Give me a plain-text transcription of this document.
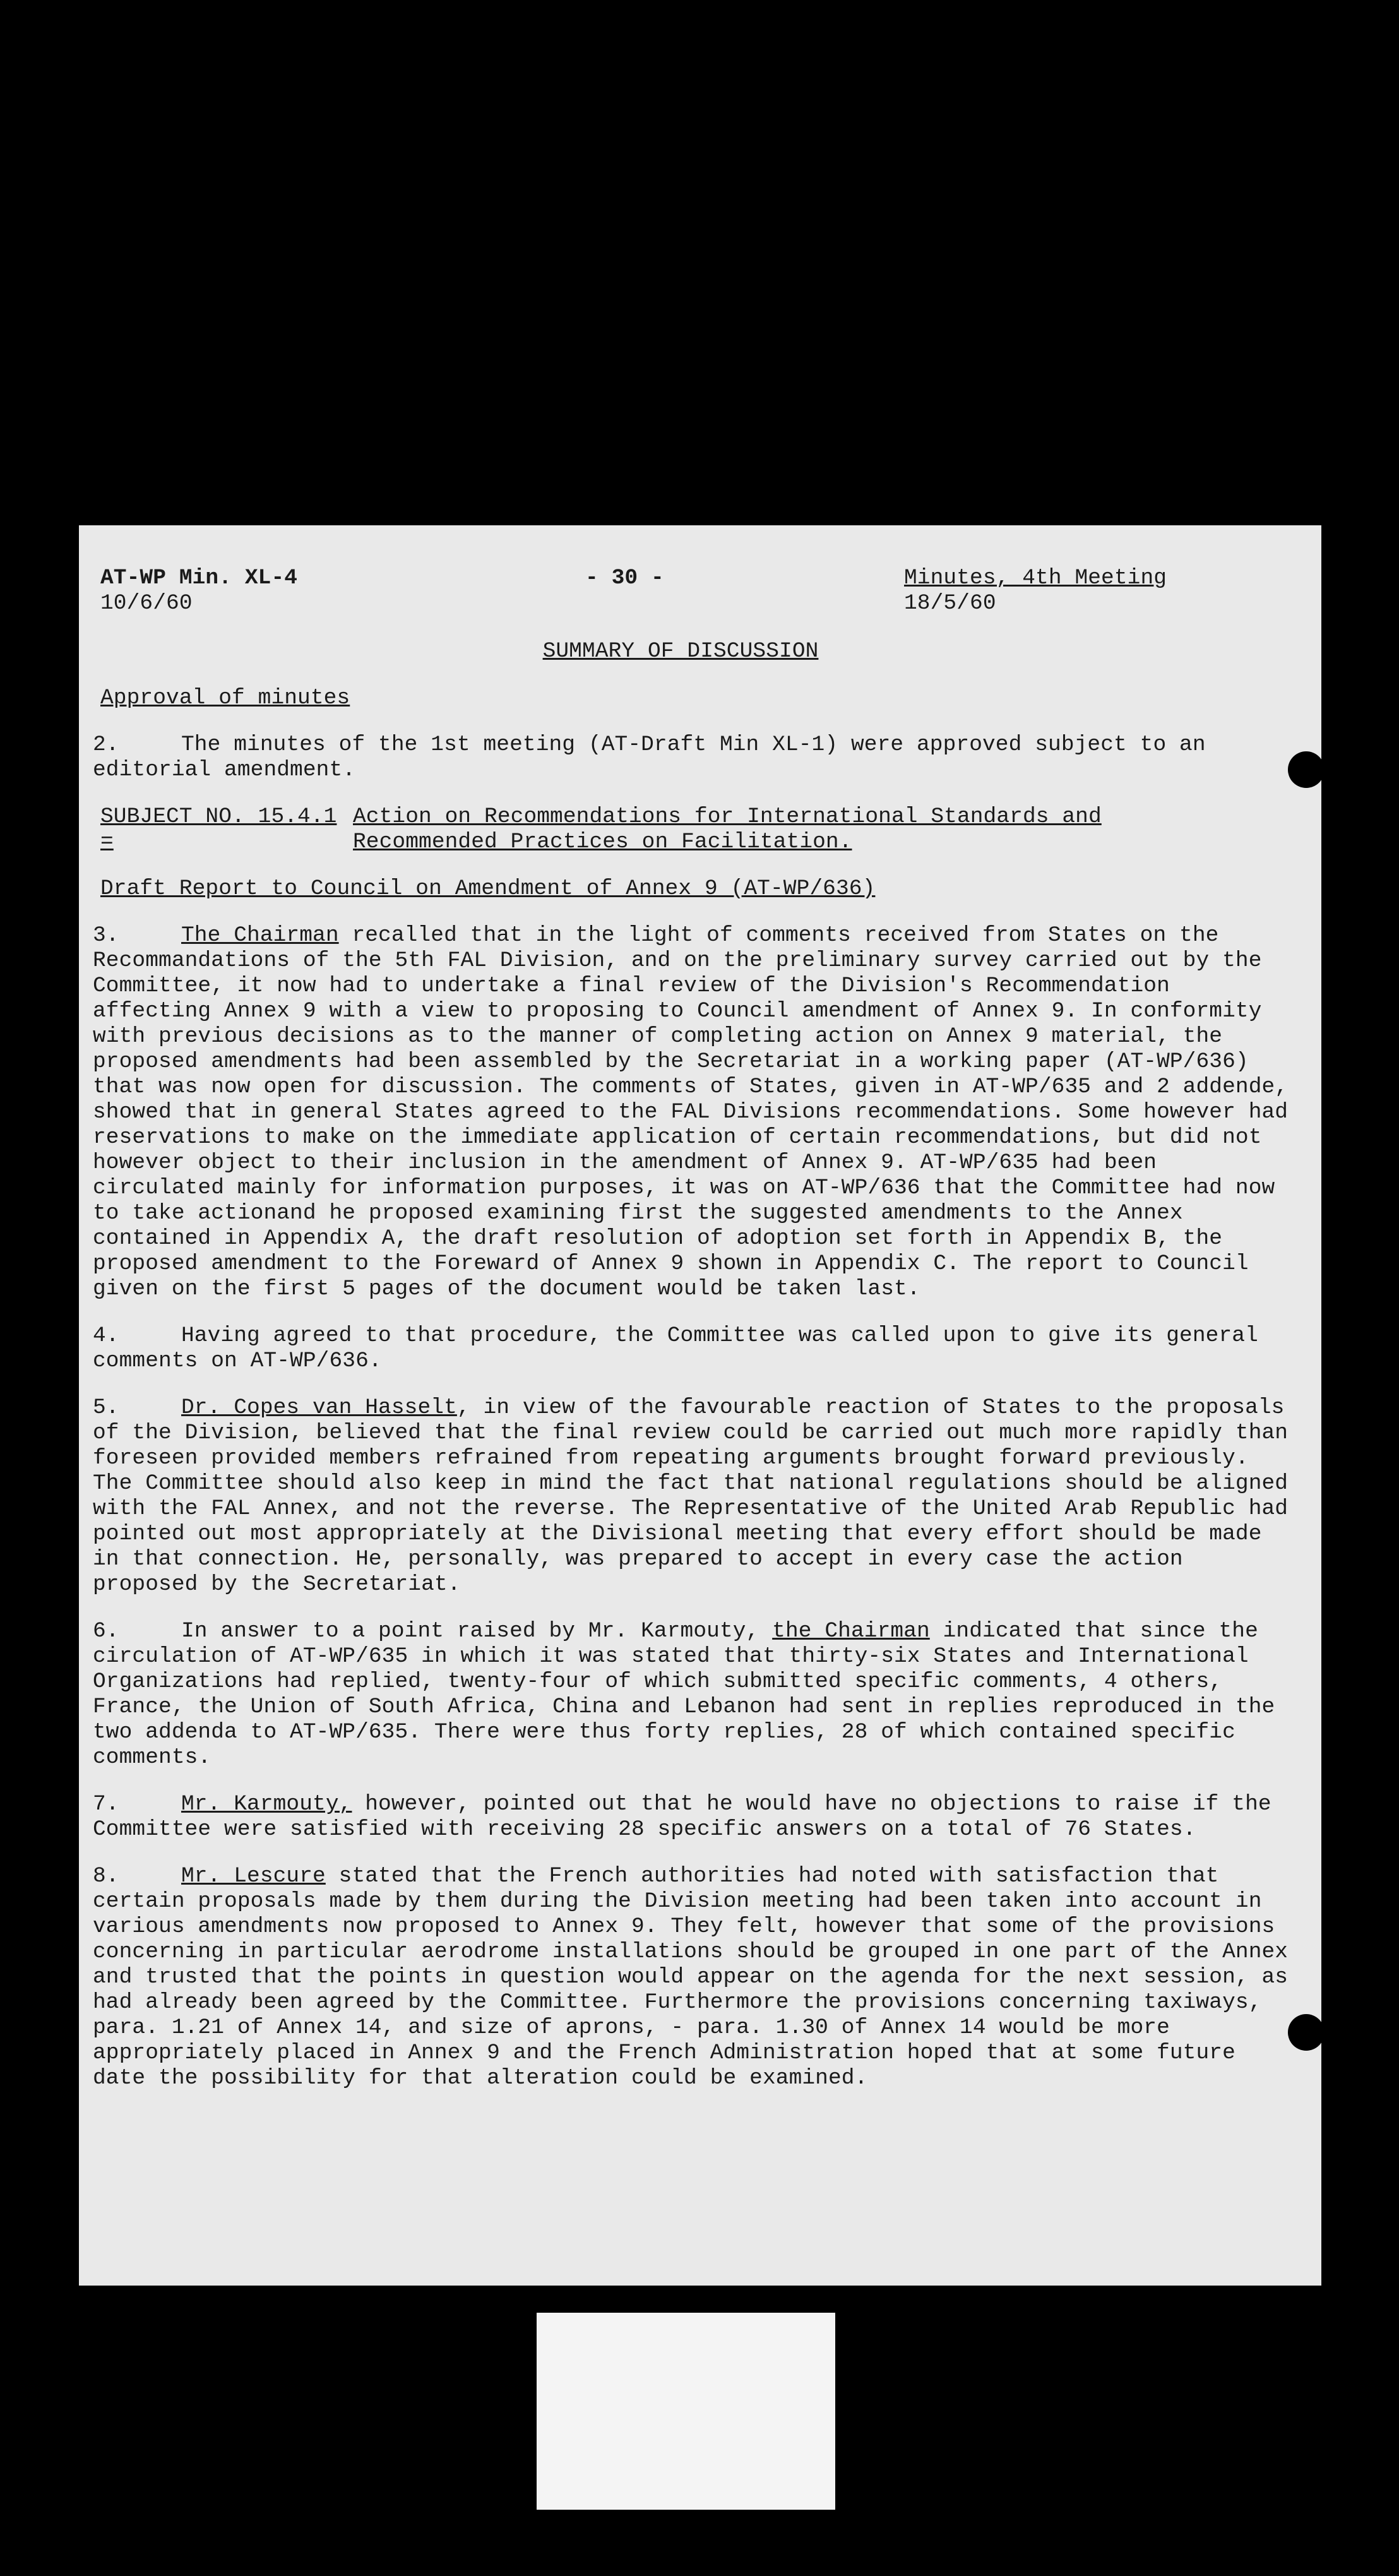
AT-WP Min. XL-4
10/6/60
- 30 -	Minutes, 4th Meeting
18/5/60
SUMMARY OF DISCUSSION
Approval of minutes

2.	The minutes of the 1st meeting (AT-Draft Min XL-1) were approved subject to an editorial amendment.

SUBJECT NO. 15.4.1 =
Action on Recommendations for International Standards and Recommended Practices on Facilitation.
Draft Report to Council on Amendment of Annex 9 (AT-WP/636)

3.	The Chairman recalled that in the light of comments received from States on the Recommandations of the 5th FAL Division, and on the preliminary survey carried out by the Committee, it now had to undertake a final review of the Division's Recommendation affecting Annex 9 with a view to proposing to Council amendment of Annex 9. In conformity with previous decisions as to the manner of completing action on Annex 9 material, the proposed amendments had been assembled by the Secretariat in a working paper (AT-WP/636) that was now open for discussion. The comments of States, given in AT-WP/635 and 2 addende, showed that in general States agreed to the FAL Divisions recommendations. Some however had reservations to make on the immediate application of certain recommendations, but did not however object to their inclusion in the amendment of Annex 9. AT-WP/635 had been circulated mainly for information purposes, it was on AT-WP/636 that the Committee had now to take actionand he proposed examining first the suggested amendments to the Annex contained in Appendix A, the draft resolution of adoption set forth in Appendix B, the proposed amendment to the Foreward of Annex 9 shown in Appendix C. The report to Council given on the first 5 pages of the document would be taken last.

4.	Having agreed to that procedure, the Committee was called upon to give its general comments on AT-WP/636.

5.	Dr. Copes van Hasselt, in view of the favourable reaction of States to the proposals of the Division, believed that the final review could be carried out much more rapidly than foreseen provided members refrained from repeating arguments brought forward previously. The Committee should also keep in mind the fact that national regulations should be aligned with the FAL Annex, and not the reverse. The Representative of the United Arab Republic had pointed out most appropriately at the Divisional meeting that every effort should be made in that connection. He, personally, was prepared to accept in every case the action proposed by the Secretariat.

6.	In answer to a point raised by Mr. Karmouty, the Chairman indicated that since the circulation of AT-WP/635 in which it was stated that thirty-six States and International Organizations had replied, twenty-four of which submitted specific comments, 4 others, France, the Union of South Africa, China and Lebanon had sent in replies reproduced in the two addenda to AT-WP/635. There were thus forty replies, 28 of which contained specific comments.

7.	Mr. Karmouty, however, pointed out that he would have no objections to raise if the Committee were satisfied with receiving 28 specific answers on a total of 76 States.

8.	Mr. Lescure stated that the French authorities had noted with satisfaction that certain proposals made by them during the Division meeting had been taken into account in various amendments now proposed to Annex 9. They felt, however that some of the provisions concerning in particular aerodrome installations should be grouped in one part of the Annex and trusted that the points in question would appear on the agenda for the next session, as had already been agreed by the Committee. Furthermore the provisions concerning taxiways, para. 1.21 of Annex 14, and size of aprons, - para. 1.30 of Annex 14 would be more appropriately placed in Annex 9 and the French Administration hoped that at some future date the possibility for that alteration could be examined.
